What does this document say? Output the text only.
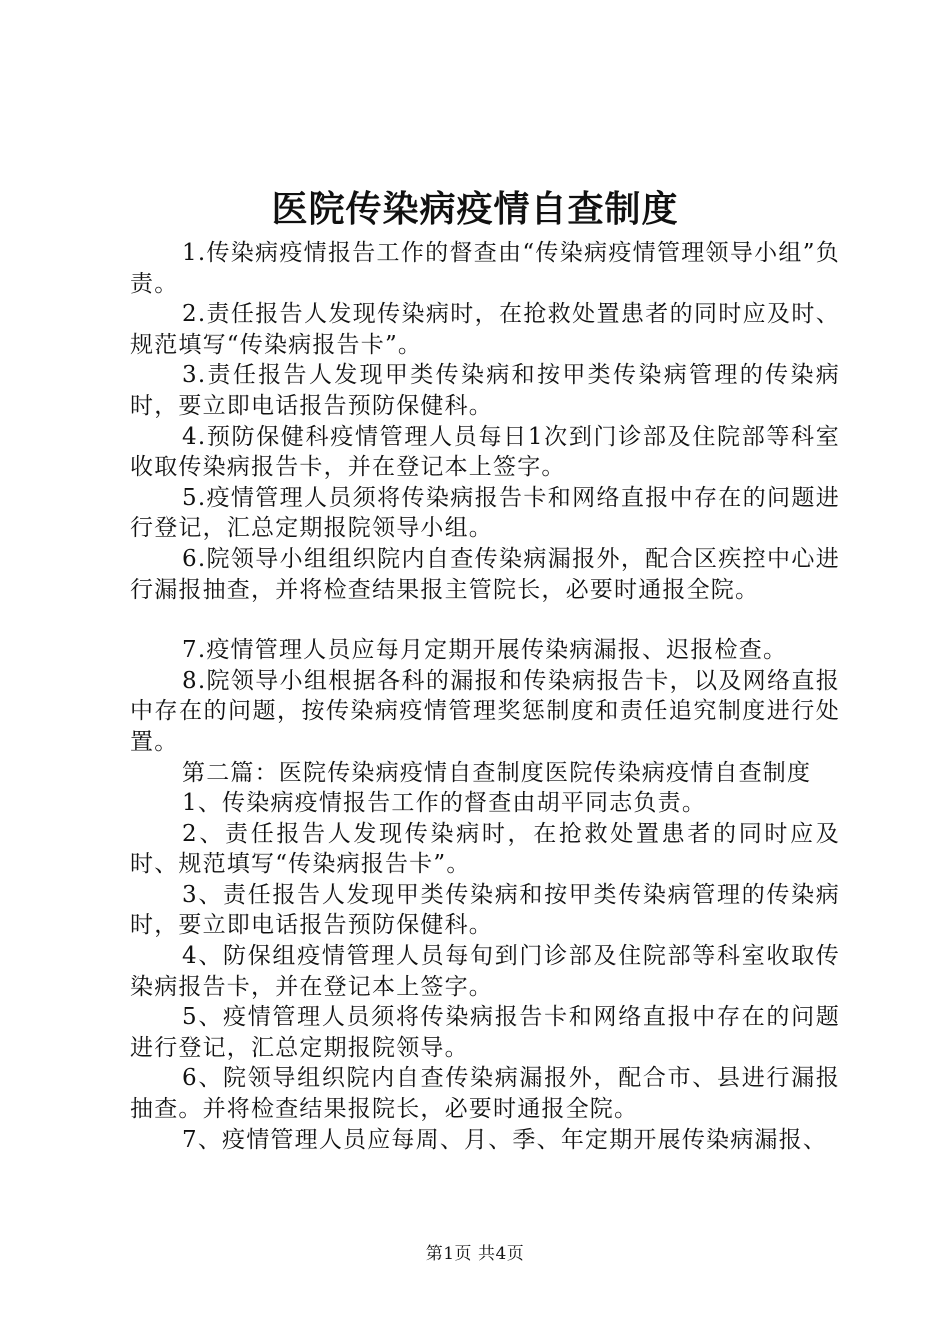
医院传染病疫情自查制度

1.传染病疫情报告工作的督查由“传染病疫情管理领导小组”负责。

2.责任报告人发现传染病时，在抢救处置患者的同时应及时、规范填写“传染病报告卡”。

3.责任报告人发现甲类传染病和按甲类传染病管理的传染病时，要立即电话报告预防保健科。

4.预防保健科疫情管理人员每日1次到门诊部及住院部等科室收取传染病报告卡，并在登记本上签字。

5.疫情管理人员须将传染病报告卡和网络直报中存在的问题进行登记，汇总定期报院领导小组。

6.院领导小组组织院内自查传染病漏报外，配合区疾控中心进行漏报抽查，并将检查结果报主管院长，必要时通报全院。

7.疫情管理人员应每月定期开展传染病漏报、迟报检查。

8.院领导小组根据各科的漏报和传染病报告卡，以及网络直报中存在的问题，按传染病疫情管理奖惩制度和责任追究制度进行处置。

第二篇：医院传染病疫情自查制度医院传染病疫情自查制度

1、传染病疫情报告工作的督查由胡平同志负责。

2、责任报告人发现传染病时，在抢救处置患者的同时应及时、规范填写“传染病报告卡”。

3、责任报告人发现甲类传染病和按甲类传染病管理的传染病时，要立即电话报告预防保健科。

4、防保组疫情管理人员每旬到门诊部及住院部等科室收取传染病报告卡，并在登记本上签字。

5、疫情管理人员须将传染病报告卡和网络直报中存在的问题进行登记，汇总定期报院领导。

6、院领导组织院内自查传染病漏报外，配合市、县进行漏报抽查。并将检查结果报院长，必要时通报全院。

7、疫情管理人员应每周、月、季、年定期开展传染病漏报、

第1页 共4页
